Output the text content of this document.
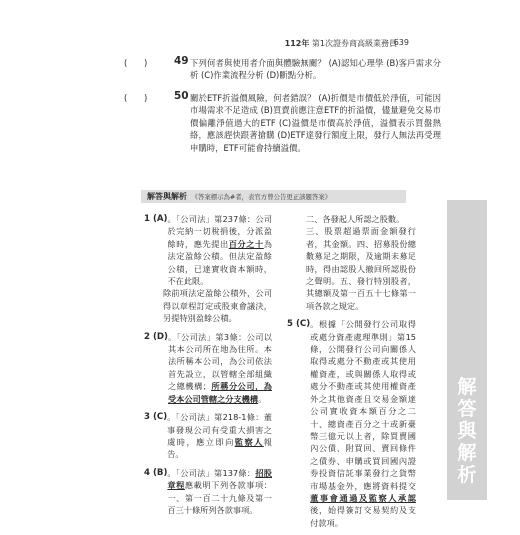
112年 第1次證券商高級業務員
639
(　　)	49 下列何者與使用者介面與體驗無關？ (A)認知心理學 (B)客戶需求分析 (C)作業流程分析 (D)斷點分析。
(　　)	50 關於ETF折溢價風險，何者錯誤？ (A)折價是市價低於淨值，可能因市場需求不足造成 (B)買賣前應注意ETF的折溢價，儘量避免交易市價偏離淨值過大的ETF (C)溢價是市價高於淨值，溢價表示買盤熱絡，應該趕快跟著搶購 (D)ETF達發行額度上限，發行人無法再受理申購時，ETF可能會持續溢價。
解答與解析 《答案標示為#者，表官方曾公告更正該題答案》
1 (A) 。「公司法」第237條：公司於完納一切稅捐後，分派盈餘時，應先提出百分之十為法定盈餘公積。但法定盈餘公積，已達實收資本額時，不在此限。
除前項法定盈餘公積外，公司得以章程訂定或股東會議決，另提特別盈餘公積。
2 (D) 。「公司法」第3條：公司以其本公司所在地為住所。本法所稱本公司，為公司依法首先設立，以管轄全部組織之總機構；所稱分公司，為受本公司管轄之分支機構。
3 (C) 。「公司法」第218-1條：董事發現公司有受重大損害之虞時，應立即向監察人報告。
4 (B) 。「公司法」第137條：招股章程應載明下列各款事項：一、第一百二十九條及第一百三十條所列各款事項。
二、各發起人所認之股數。
三、股票超過票面金額發行者，其金額。四、招募股份總數募足之期限，及逾期未募足時，得由認股人撤回所認股份之聲明。五、發行特別股者，其總額及第一百五十七條第一項各款之規定。
5 (C) 。根據「公開發行公司取得或處分資產處理準則」第15條，公開發行公司向關係人取得或處分不動產或其使用權資產，或與關係人取得或處分不動產或其使用權資產外之其他資產且交易金額達公司實收資本額百分之二十、總資產百分之十或新臺幣三億元以上者，除買賣國內公債、附買回、賣回條件之債券、申購或買回國內證券投資信託事業發行之貨幣市場基金外，應將資料提交董事會通過及監察人承認後，始得簽訂交易契約及支付款項。
解答與解析
